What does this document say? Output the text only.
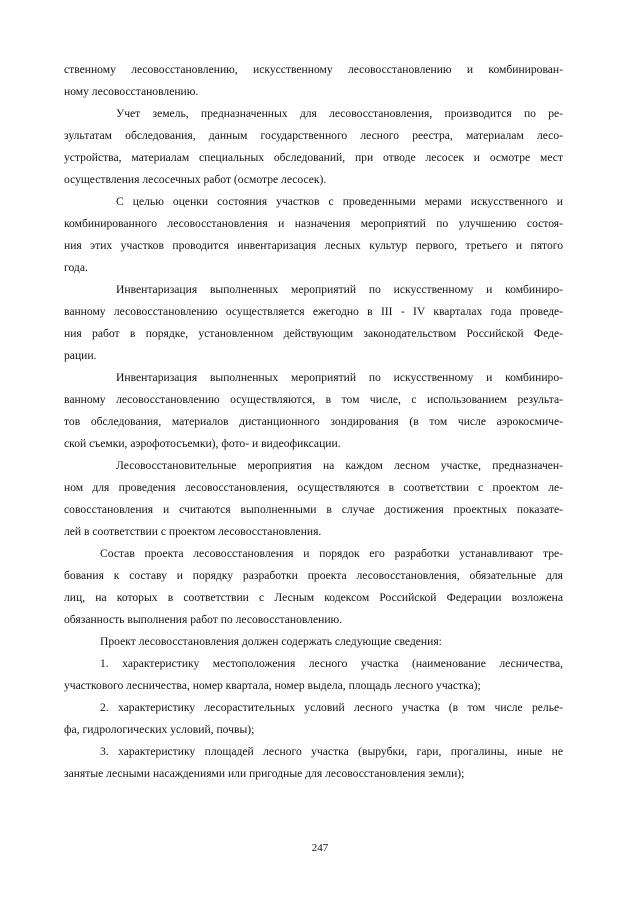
ственному лесовосстановлению, искусственному лесовосстановлению и комбинирован-
ному лесовосстановлению.
Учет земель, предназначенных для лесовосстановления, производится по ре-
зультатам обследования, данным государственного лесного реестра, материалам лесо-
устройства, материалам специальных обследований, при отводе лесосек и осмотре мест
осуществления лесосечных работ (осмотре лесосек).
С целью оценки состояния участков с проведенными мерами искусственного и
комбинированного лесовосстановления и назначения мероприятий по улучшению состоя-
ния этих участков проводится инвентаризация лесных культур первого, третьего и пятого
года.
Инвентаризация выполненных мероприятий по искусственному и комбиниро-
ванному лесовосстановлению осуществляется ежегодно в III - IV кварталах года проведе-
ния работ в порядке, установленном действующим законодательством Российской Феде-
рации.
Инвентаризация выполненных мероприятий по искусственному и комбиниро-
ванному лесовосстановлению осуществляются, в том числе, с использованием результа-
тов обследования, материалов дистанционного зондирования (в том числе аэрокосмиче-
ской съемки, аэрофотосъемки), фото- и видеофиксации.
Лесовосстановительные мероприятия на каждом лесном участке, предназначен-
ном для проведения лесовосстановления, осуществляются в соответствии с проектом ле-
совосстановления и считаются выполненными в случае достижения проектных показате-
лей в соответствии с проектом лесовосстановления.
Состав проекта лесовосстановления и порядок его разработки устанавливают тре-
бования к составу и порядку разработки проекта лесовосстановления, обязательные для
лиц, на которых в соответствии с Лесным кодексом Российской Федерации возложена
обязанность выполнения работ по лесовосстановлению.
Проект лесовосстановления должен содержать следующие сведения:
1. характеристику местоположения лесного участка (наименование лесничества,
участкового лесничества, номер квартала, номер выдела, площадь лесного участка);
2. характеристику лесорастительных условий лесного участка (в том числе релье-
фа, гидрологических условий, почвы);
3. характеристику площадей лесного участка (вырубки, гари, прогалины, иные не
занятые лесными насаждениями или пригодные для лесовосстановления земли);
247
